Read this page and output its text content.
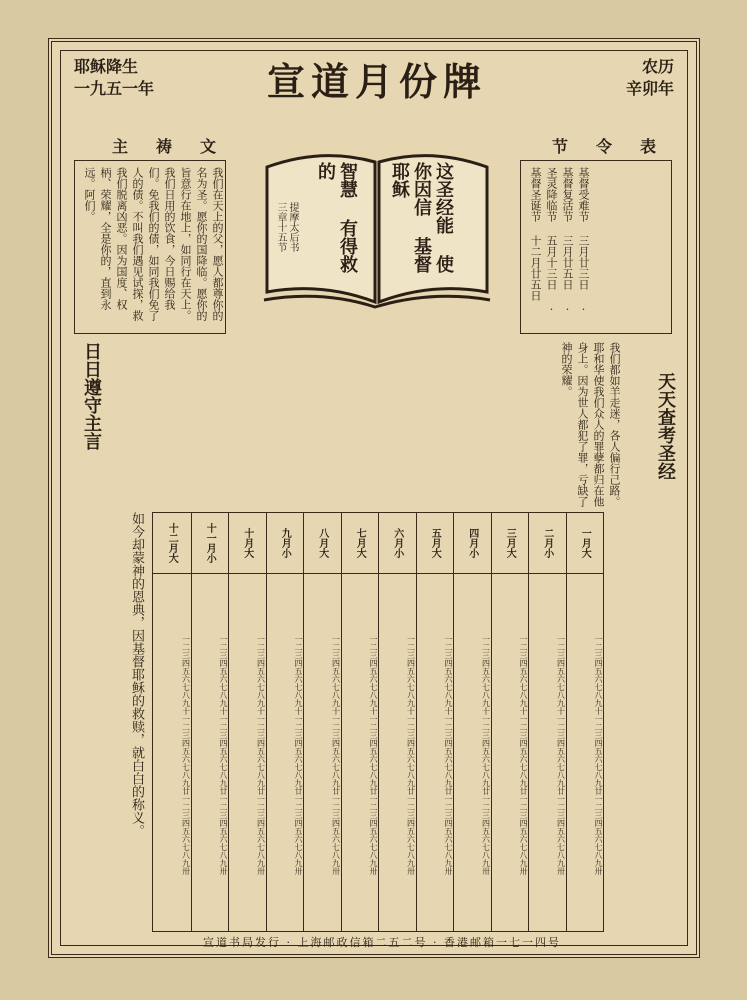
耶稣降生
一九五一年	宣道月份牌	农历
辛卯年
主祷文	节令表
我们在天上的父，愿人都尊你的名为圣。愿你的国降临。愿你的旨意行在地上，如同行在天上。我们日用的饮食，今日赐给我们。免我们的债，如同我们免了人的债。不叫我们遇见试探，救我们脱离凶恶。因为国度、权柄、荣耀，全是你的，直到永远。阿们。	基督受难节 三月廿三日 · 基督复活节 三月廿五日 · 圣灵降临节 五月十三日 · 基督圣诞节 十二月廿五日
智慧 有得救的	这圣经能 使你因信 基督耶稣
提摩太后书 三章十五节
日日遵守主言	我们都如羊走迷，各人偏行己路。耶和华使我们众人的罪孽都归在他身上。因为世人都犯了罪，亏缺了神的荣耀。
天天查考圣经
如今却蒙神的恩典，因基督耶稣的救赎，就白白的称义。	十二月大
一二三四五六七八九十一二三四五六七八九廿一二三四五六七八九卅
十一月小
一二三四五六七八九十一二三四五六七八九廿一二三四五六七八九卅
十月大
一二三四五六七八九十一二三四五六七八九廿一二三四五六七八九卅
九月小
一二三四五六七八九十一二三四五六七八九廿一二三四五六七八九卅
八月大
一二三四五六七八九十一二三四五六七八九廿一二三四五六七八九卅
七月大
一二三四五六七八九十一二三四五六七八九廿一二三四五六七八九卅
六月小
一二三四五六七八九十一二三四五六七八九廿一二三四五六七八九卅
五月大
一二三四五六七八九十一二三四五六七八九廿一二三四五六七八九卅
四月小
一二三四五六七八九十一二三四五六七八九廿一二三四五六七八九卅
三月大
一二三四五六七八九十一二三四五六七八九廿一二三四五六七八九卅
二月小
一二三四五六七八九十一二三四五六七八九廿一二三四五六七八九卅
一月大
一二三四五六七八九十一二三四五六七八九廿一二三四五六七八九卅
宣道书局发行 · 上海邮政信箱二五二号 · 香港邮箱一七一四号
